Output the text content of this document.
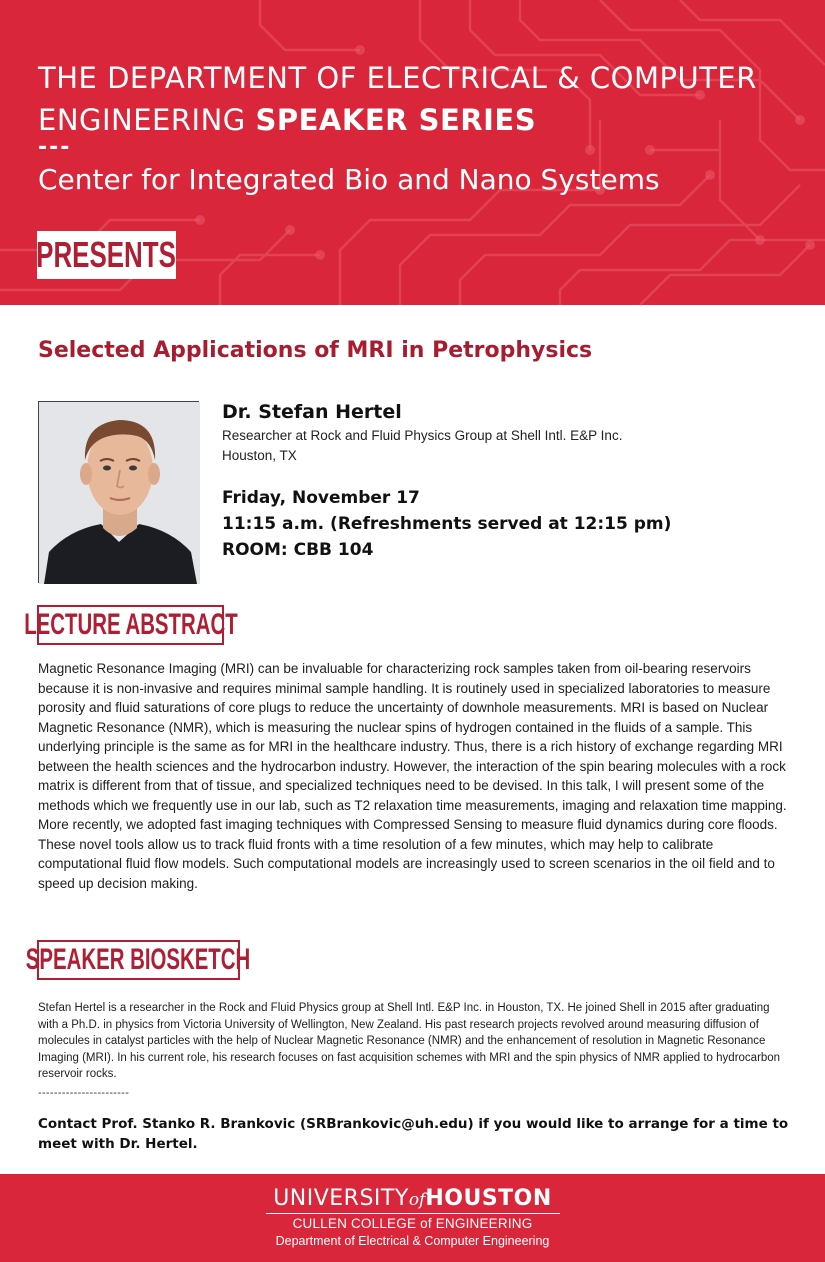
THE DEPARTMENT OF ELECTRICAL & COMPUTER ENGINEERING SPEAKER SERIES
---
Center for Integrated Bio and Nano Systems
PRESENTS
Selected Applications of MRI in Petrophysics
Dr. Stefan Hertel
Researcher at Rock and Fluid Physics Group at Shell Intl. E&P Inc.
Houston, TX
Friday, November 17
11:15 a.m. (Refreshments served at 12:15 pm)
ROOM: CBB 104
LECTURE ABSTRACT

Magnetic Resonance Imaging (MRI) can be invaluable for characterizing rock samples taken from oil-bearing reservoirs because it is non-invasive and requires minimal sample handling. It is routinely used in specialized laboratories to measure porosity and fluid saturations of core plugs to reduce the uncertainty of downhole measurements. MRI is based on Nuclear Magnetic Resonance (NMR), which is measuring the nuclear spins of hydrogen contained in the fluids of a sample. This underlying principle is the same as for MRI in the healthcare industry. Thus, there is a rich history of exchange regarding MRI between the health sciences and the hydrocarbon industry. However, the interaction of the spin bearing molecules with a rock matrix is different from that of tissue, and specialized techniques need to be devised. In this talk, I will present some of the methods which we frequently use in our lab, such as T2 relaxation time measurements, imaging and relaxation time mapping. More recently, we adopted fast imaging techniques with Compressed Sensing to measure fluid dynamics during core floods. These novel tools allow us to track fluid fronts with a time resolution of a few minutes, which may help to calibrate computational fluid flow models. Such computational models are increasingly used to screen scenarios in the oil field and to speed up decision making.

SPEAKER BIOSKETCH

Stefan Hertel is a researcher in the Rock and Fluid Physics group at Shell Intl. E&P Inc. in Houston, TX. He joined Shell in 2015 after graduating with a Ph.D. in physics from Victoria University of Wellington, New Zealand. His past research projects revolved around measuring diffusion of molecules in catalyst particles with the help of Nuclear Magnetic Resonance (NMR) and the enhancement of resolution in Magnetic Resonance Imaging (MRI). In his current role, his research focuses on fast acquisition schemes with MRI and the spin physics of NMR applied to hydrocarbon reservoir rocks.

-----------------------

Contact Prof. Stanko R. Brankovic (SRBrankovic@uh.edu) if you would like to arrange for a time to meet with Dr. Hertel.

UNIVERSITYofHOUSTON
CULLEN COLLEGE of ENGINEERING
Department of Electrical & Computer Engineering
